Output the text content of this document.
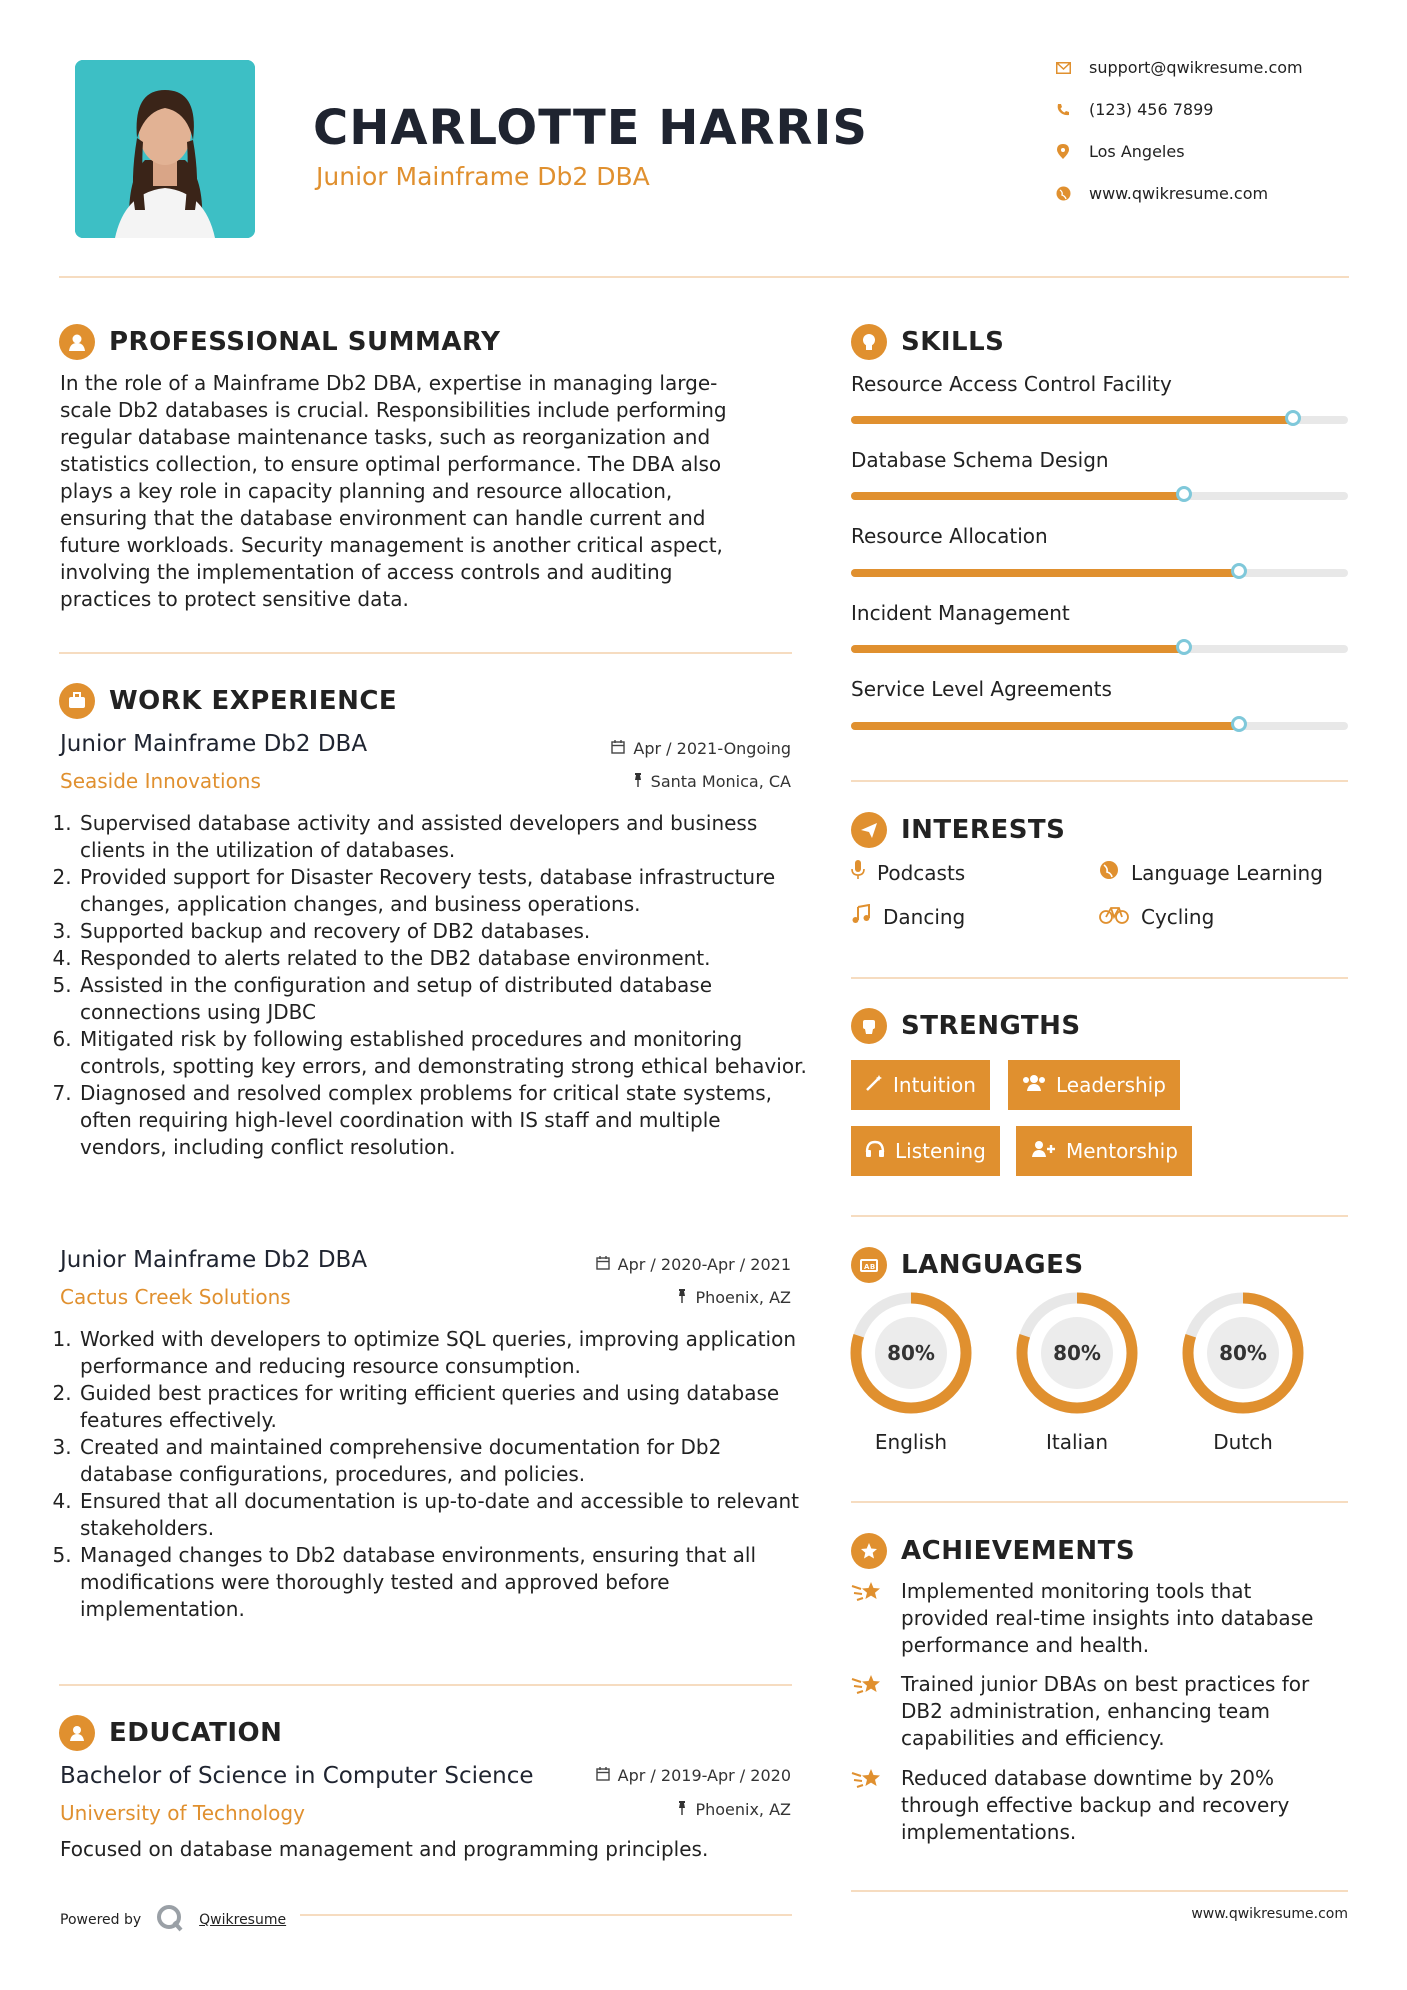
CHARLOTTE HARRIS
Junior Mainframe Db2 DBA
support@qwikresume.com
(123) 456 7899
Los Angeles
www.qwikresume.com
PROFESSIONAL SUMMARY
In the role of a Mainframe Db2 DBA, expertise in managing large-
scale Db2 databases is crucial. Responsibilities include performing
regular database maintenance tasks, such as reorganization and
statistics collection, to ensure optimal performance. The DBA also
plays a key role in capacity planning and resource allocation,
ensuring that the database environment can handle current and
future workloads. Security management is another critical aspect,
involving the implementation of access controls and auditing
practices to protect sensitive data.
WORK EXPERIENCE
Junior Mainframe Db2 DBA
Seaside Innovations
Apr / 2021-Ongoing
Santa Monica, CA
1. Supervised database activity and assisted developers and business clients in the utilization of databases.
2. Provided support for Disaster Recovery tests, database infrastructure changes, application changes, and business operations.
3. Supported backup and recovery of DB2 databases.
4. Responded to alerts related to the DB2 database environment.
5. Assisted in the configuration and setup of distributed database connections using JDBC
6. Mitigated risk by following established procedures and monitoring controls, spotting key errors, and demonstrating strong ethical behavior.
7. Diagnosed and resolved complex problems for critical state systems, often requiring high-level coordination with IS staff and multiple vendors, including conflict resolution.
Junior Mainframe Db2 DBA
Cactus Creek Solutions
Apr / 2020-Apr / 2021
Phoenix, AZ
1. Worked with developers to optimize SQL queries, improving application performance and reducing resource consumption.
2. Guided best practices for writing efficient queries and using database features effectively.
3. Created and maintained comprehensive documentation for Db2 database configurations, procedures, and policies.
4. Ensured that all documentation is up-to-date and accessible to relevant stakeholders.
5. Managed changes to Db2 database environments, ensuring that all modifications were thoroughly tested and approved before implementation.
EDUCATION
Bachelor of Science in Computer Science
University of Technology
Apr / 2019-Apr / 2020
Phoenix, AZ
Focused on database management and programming principles.
Powered by	Qwikresume
SKILLS
Resource Access Control Facility
Database Schema Design
Resource Allocation
Incident Management
Service Level Agreements
INTERESTS
Podcasts	Language Learning
Dancing	Cycling
STRENGTHS
Intuition	Leadership
Listening	Mentorship
AB LANGUAGES
80%
English
80%
Italian
80%
Dutch
ACHIEVEMENTS
Implemented monitoring tools that provided real-time insights into database performance and health.
Trained junior DBAs on best practices for DB2 administration, enhancing team capabilities and efficiency.
Reduced database downtime by 20% through effective backup and recovery implementations.
www.qwikresume.com
